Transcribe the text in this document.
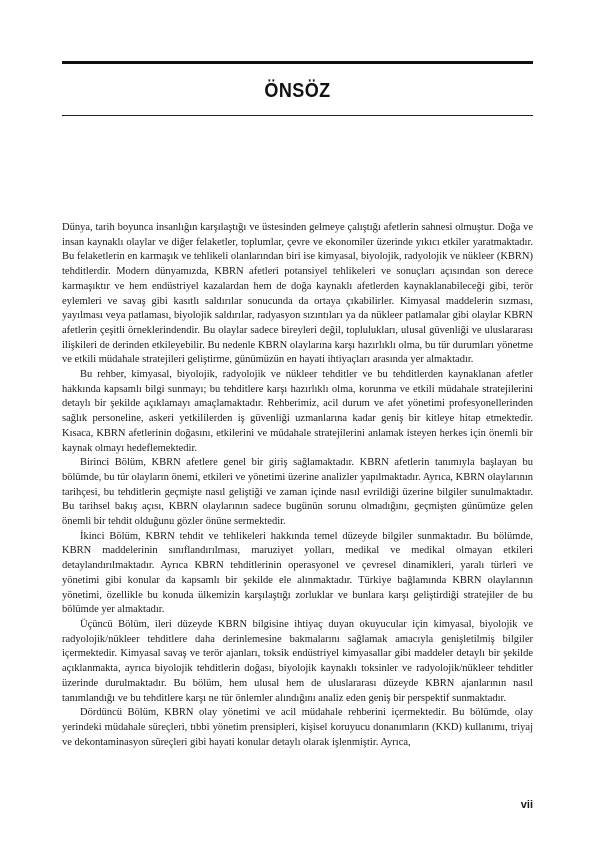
ÖNSÖZ

Dünya, tarih boyunca insanlığın karşılaştığı ve üstesinden gelmeye çalıştığı afetlerin sahnesi olmuştur. Doğa ve insan kaynaklı olaylar ve diğer felaketler, toplumlar, çevre ve ekonomiler üzerinde yıkıcı etkiler yaratmaktadır. Bu felaketlerin en karmaşık ve tehlikeli olanlarından biri ise kimyasal, biyolojik, radyolojik ve nükleer (KBRN) tehditlerdir. Modern dünyamızda, KBRN afetleri potansiyel tehlikeleri ve sonuçları açısından son derece karmaşıktır ve hem endüstriyel kazalardan hem de doğa kaynaklı afetlerden kaynaklanabileceği gibi, terör eylemleri ve savaş gibi kasıtlı saldırılar sonucunda da ortaya çıkabilirler. Kimyasal maddelerin sızması, yayılması veya patlaması, biyolojik saldırılar, radyasyon sızıntıları ya da nükleer patlamalar gibi olaylar KBRN afetlerin çeşitli örneklerindendir. Bu olaylar sadece bireyleri değil, toplulukları, ulusal güvenliği ve uluslararası ilişkileri de derinden etkileyebilir. Bu nedenle KBRN olaylarına karşı hazırlıklı olma, bu tür durumları yönetme ve etkili müdahale stratejileri geliştirme, günümüzün en hayati ihtiyaçları arasında yer almaktadır.

Bu rehber, kimyasal, biyolojik, radyolojik ve nükleer tehditler ve bu tehditlerden kaynaklanan afetler hakkında kapsamlı bilgi sunmayı; bu tehditlere karşı hazırlıklı olma, korunma ve etkili müdahale stratejilerini detaylı bir şekilde açıklamayı amaçlamaktadır. Rehberimiz, acil durum ve afet yönetimi profesyonellerinden sağlık personeline, askeri yetkililerden iş güvenliği uzmanlarına kadar geniş bir kitleye hitap etmektedir. Kısaca, KBRN afetlerinin doğasını, etkilerini ve müdahale stratejilerini anlamak isteyen herkes için önemli bir kaynak olmayı hedeflemektedir.

Birinci Bölüm, KBRN afetlere genel bir giriş sağlamaktadır. KBRN afetlerin tanımıyla başlayan bu bölümde, bu tür olayların önemi, etkileri ve yönetimi üzerine analizler yapılmaktadır. Ayrıca, KBRN olaylarının tarihçesi, bu tehditlerin geçmişte nasıl geliştiği ve zaman içinde nasıl evrildiği üzerine bilgiler sunulmaktadır. Bu tarihsel bakış açısı, KBRN olaylarının sadece bugünün sorunu olmadığını, geçmişten günümüze gelen önemli bir tehdit olduğunu gözler önüne sermektedir.

İkinci Bölüm, KBRN tehdit ve tehlikeleri hakkında temel düzeyde bilgiler sunmaktadır. Bu bölümde, KBRN maddelerinin sınıflandırılması, maruziyet yolları, medikal ve medikal olmayan etkileri detaylandırılmaktadır. Ayrıca KBRN tehditlerinin operasyonel ve çevresel dinamikleri, yaralı türleri ve yönetimi gibi konular da kapsamlı bir şekilde ele alınmaktadır. Türkiye bağlamında KBRN olaylarının yönetimi, özellikle bu konuda ülkemizin karşılaştığı zorluklar ve bunlara karşı geliştirdiği stratejiler de bu bölümde yer almaktadır.

Üçüncü Bölüm, ileri düzeyde KBRN bilgisine ihtiyaç duyan okuyucular için kimyasal, biyolojik ve radyolojik/nükleer tehditlere daha derinlemesine bakmalarını sağlamak amacıyla genişletilmiş bilgiler içermektedir. Kimyasal savaş ve terör ajanları, toksik endüstriyel kimyasallar gibi maddeler detaylı bir şekilde açıklanmakta, ayrıca biyolojik tehditlerin doğası, biyolojik kaynaklı toksinler ve radyolojik/nükleer tehditler üzerinde durulmaktadır. Bu bölüm, hem ulusal hem de uluslararası düzeyde KBRN ajanlarının nasıl tanımlandığı ve bu tehditlere karşı ne tür önlemler alındığını analiz eden geniş bir perspektif sunmaktadır.

Dördüncü Bölüm, KBRN olay yönetimi ve acil müdahale rehberini içermektedir. Bu bölümde, olay yerindeki müdahale süreçleri, tıbbi yönetim prensipleri, kişisel koruyucu donanımların (KKD) kullanımı, triyaj ve dekontaminasyon süreçleri gibi hayati konular detaylı olarak işlenmiştir. Ayrıca,

vii
